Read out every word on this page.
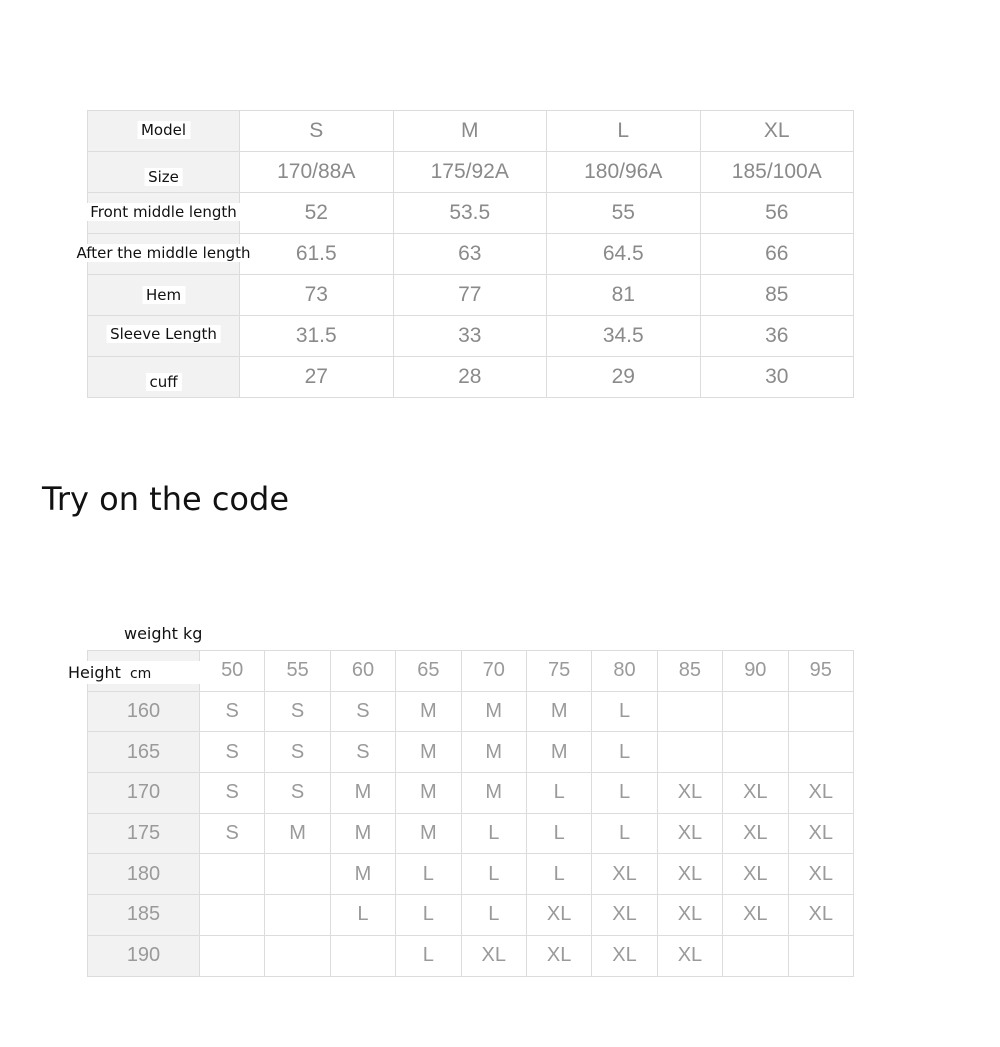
Model	S	M	L	XL

Size	170/88A	175/92A	180/96A	185/100A

Front middle length	52	53.5	55	56

After the middle length	61.5	63	64.5	66

Hem	73	77	81	85

Sleeve Length	31.5	33	34.5	36

cuff	27	28	29	30
Try on the code
weight kg
Height cm	50	55	60	65	70	75	80	85	90	95
160	S	S	S	M	M	M	L			
165	S	S	S	M	M	M	L			
170	S	S	M	M	M	L	L	XL	XL	XL
175	S	M	M	M	L	L	L	XL	XL	XL
180			M	L	L	L	XL	XL	XL	XL
185			L	L	L	XL	XL	XL	XL	XL
190				L	XL	XL	XL	XL		
